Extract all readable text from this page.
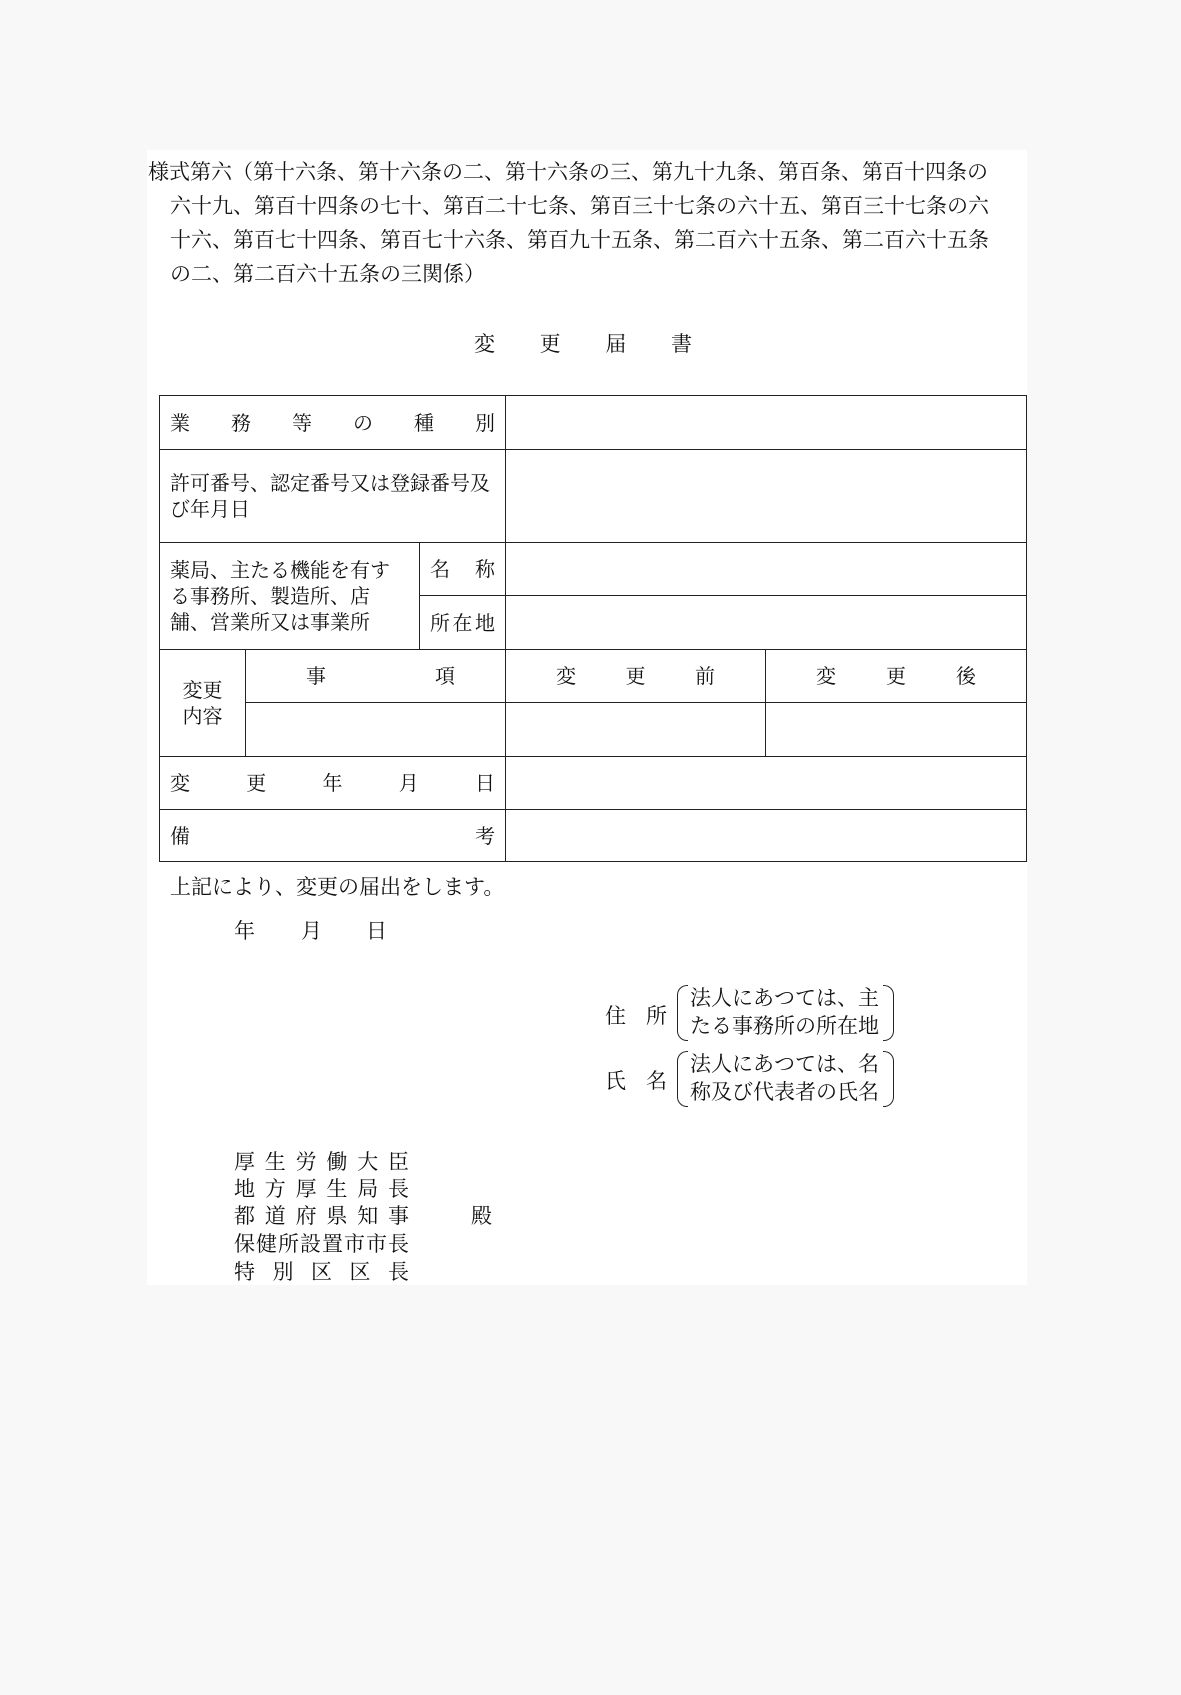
様式第六（第十六条、第十六条の二、第十六条の三、第九十九条、第百条、第百十四条の
六十九、第百十四条の七十、第百二十七条、第百三十七条の六十五、第百三十七条の六
十六、第百七十四条、第百七十六条、第百九十五条、第二百六十五条、第二百六十五条
の二、第二百六十五条の三関係）
変更届書
業務等の種別				

許可番号、認定番号又は登録番号及び年月日				
薬局、主たる機能を有する事務所、製造所、店舗、営業所又は事業所		名称		

		所在地		

変更
内容	事項		変更前	変更後

変更年月日				

備考				

上記により、変更の届出をします。
年 月 日
住所
法人にあつては、主
たる事務所の所在地
氏名
法人にあつては、名
称及び代表者の氏名
厚生労働大臣
地方厚生局長
都道府県知事
保健所設置市市長
特別区区長
殿
